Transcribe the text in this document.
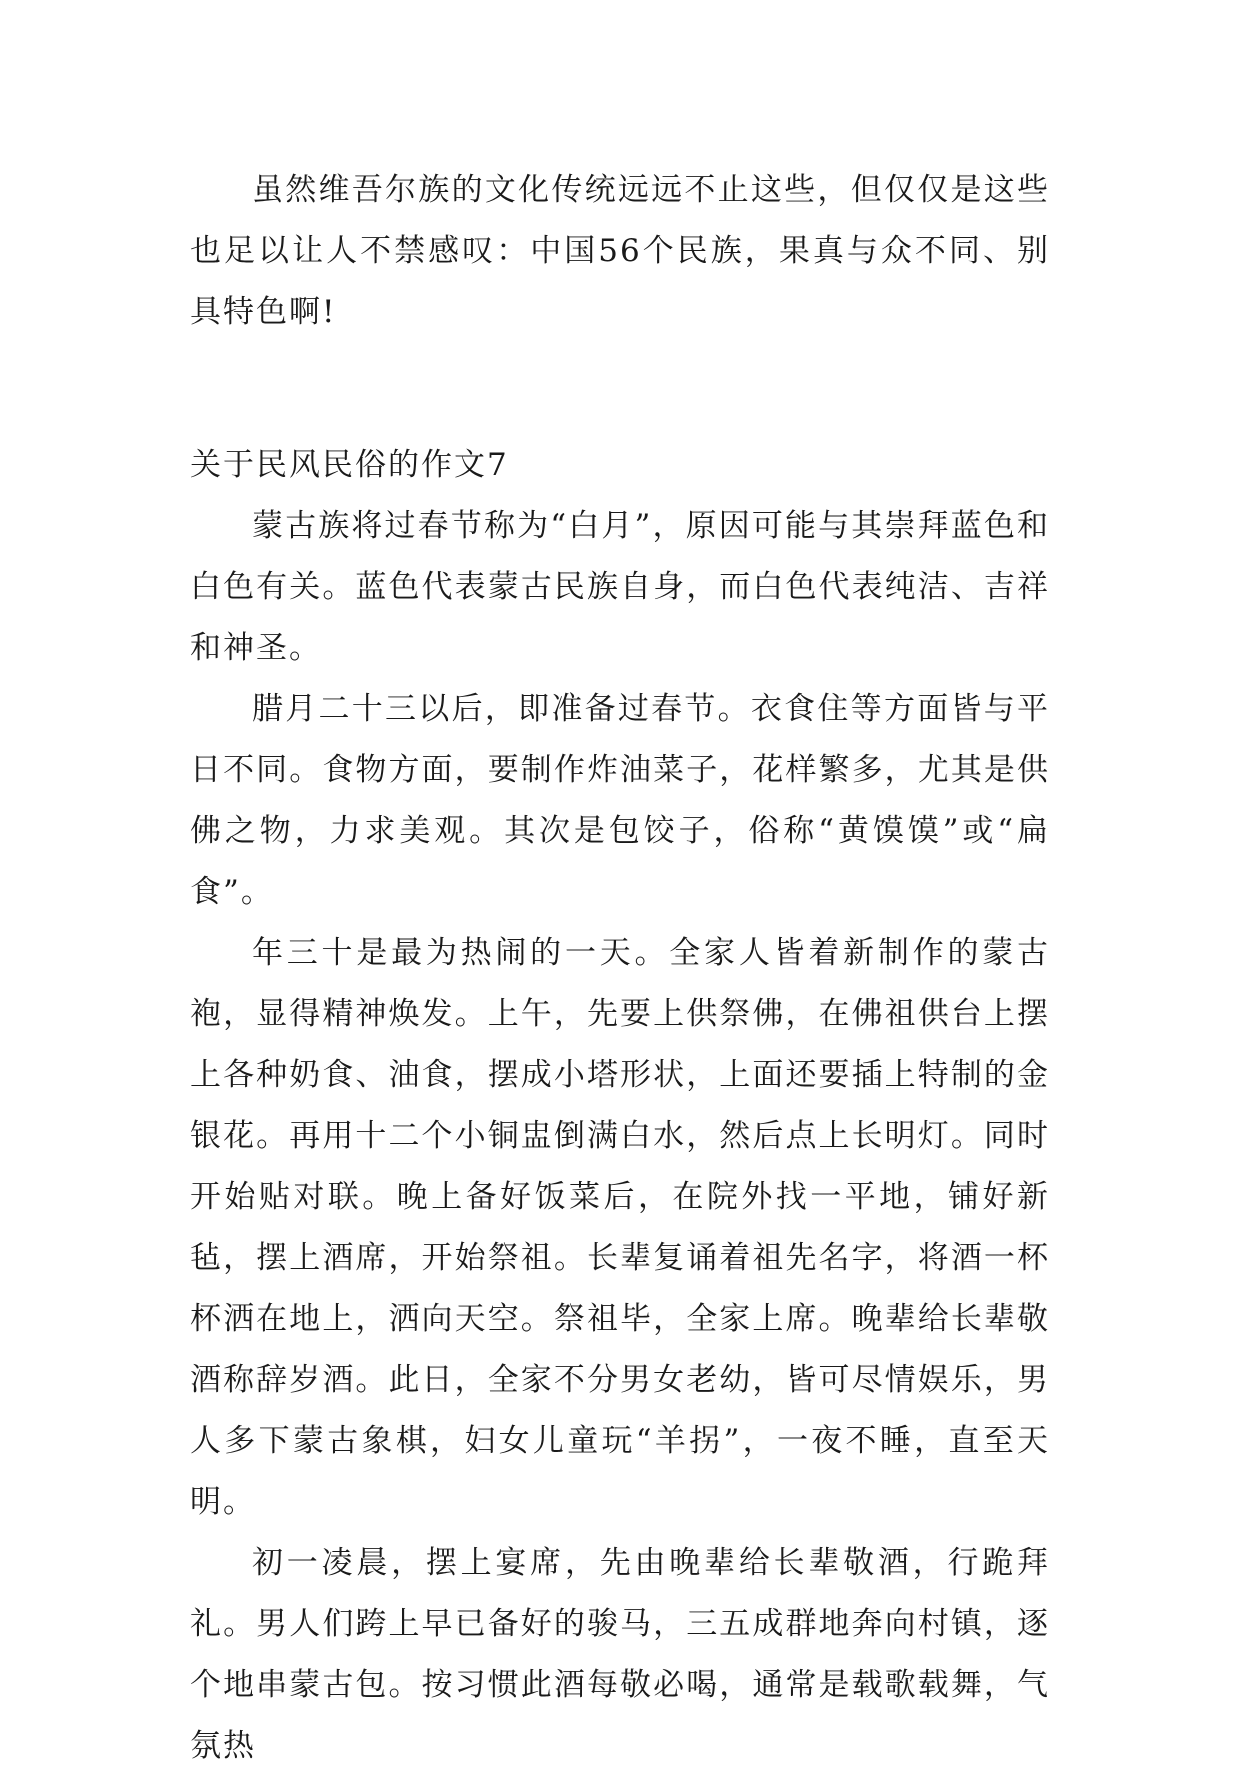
虽然维吾尔族的文化传统远远不止这些，但仅仅是这些也足以让人不禁感叹：中国56个民族，果真与众不同、别具特色啊!

关于民风民俗的作文7

蒙古族将过春节称为“白月”，原因可能与其崇拜蓝色和白色有关。蓝色代表蒙古民族自身，而白色代表纯洁、吉祥和神圣。

腊月二十三以后，即准备过春节。衣食住等方面皆与平日不同。食物方面，要制作炸油菜子，花样繁多，尤其是供佛之物，力求美观。其次是包饺子，俗称“黄馍馍”或“扁食”。

年三十是最为热闹的一天。全家人皆着新制作的蒙古袍，显得精神焕发。上午，先要上供祭佛，在佛祖供台上摆上各种奶食、油食，摆成小塔形状，上面还要插上特制的金银花。再用十二个小铜盅倒满白水，然后点上长明灯。同时开始贴对联。晚上备好饭菜后，在院外找一平地，铺好新毡，摆上酒席，开始祭祖。长辈复诵着祖先名字，将酒一杯杯洒在地上，洒向天空。祭祖毕，全家上席。晚辈给长辈敬酒称辞岁酒。此日，全家不分男女老幼，皆可尽情娱乐，男人多下蒙古象棋，妇女儿童玩“羊拐”，一夜不睡，直至天明。

初一凌晨，摆上宴席，先由晚辈给长辈敬酒，行跪拜礼。男人们跨上早已备好的骏马，三五成群地奔向村镇，逐个地串蒙古包。按习惯此酒每敬必喝，通常是载歌载舞，气氛热
